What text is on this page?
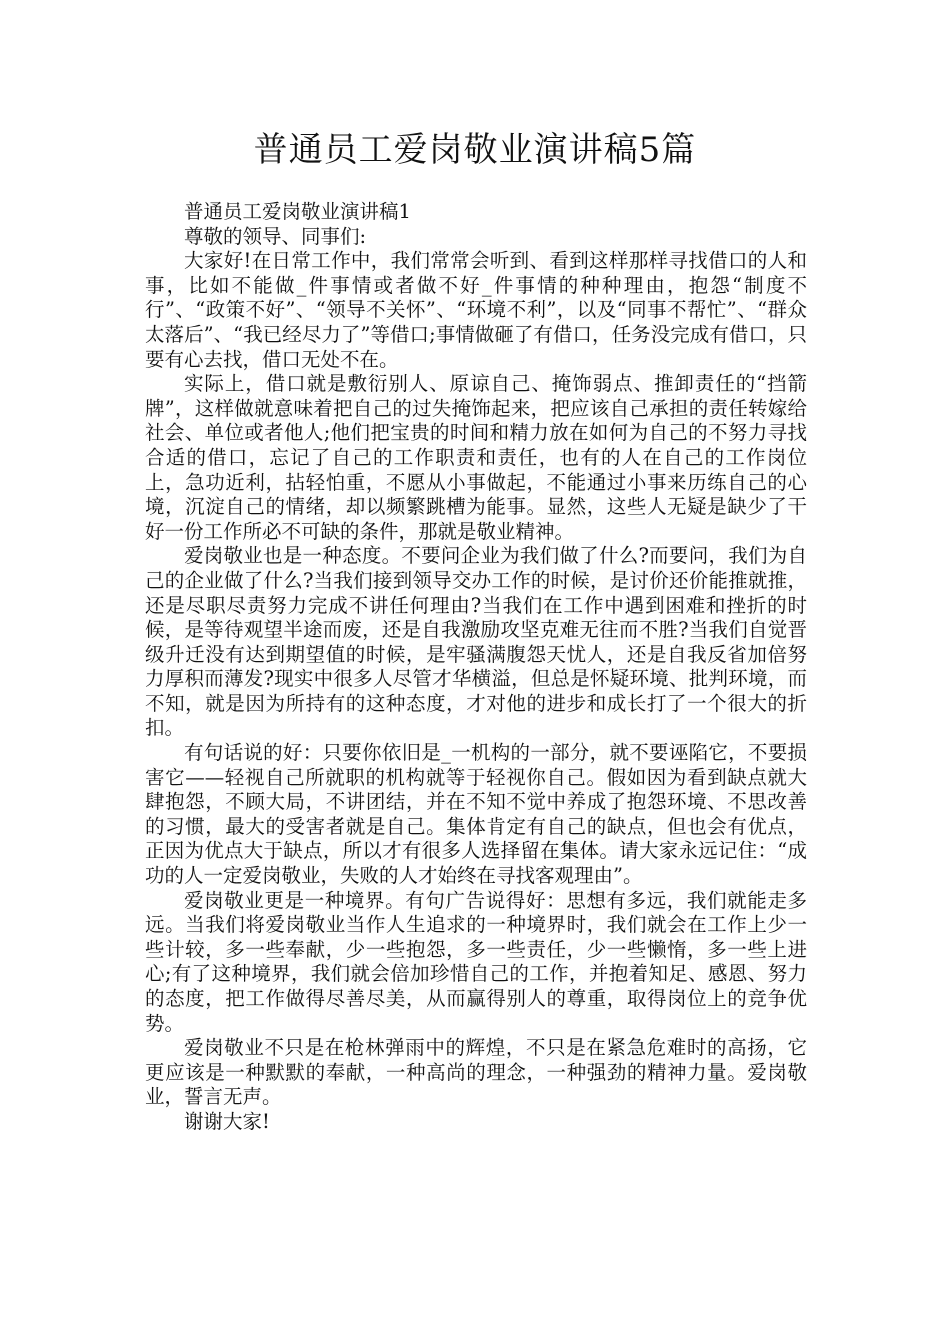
普通员工爱岗敬业演讲稿5篇

普通员工爱岗敬业演讲稿1

尊敬的领导、同事们:

大家好!在日常工作中，我们常常会听到、看到这样那样寻找借口的人和事，比如不能做_件事情或者做不好_件事情的种种理由，抱怨“制度不行”、“政策不好”、“领导不关怀”、“环境不利”，以及“同事不帮忙”、“群众太落后”、“我已经尽力了”等借口;事情做砸了有借口，任务没完成有借口，只要有心去找，借口无处不在。

实际上，借口就是敷衍别人、原谅自己、掩饰弱点、推卸责任的“挡箭牌”，这样做就意味着把自己的过失掩饰起来，把应该自己承担的责任转嫁给社会、单位或者他人;他们把宝贵的时间和精力放在如何为自己的不努力寻找合适的借口，忘记了自己的工作职责和责任，也有的人在自己的工作岗位上，急功近利，拈轻怕重，不愿从小事做起，不能通过小事来历练自己的心境，沉淀自己的情绪，却以频繁跳槽为能事。显然，这些人无疑是缺少了干好一份工作所必不可缺的条件，那就是敬业精神。

爱岗敬业也是一种态度。不要问企业为我们做了什么?而要问，我们为自己的企业做了什么?当我们接到领导交办工作的时候，是讨价还价能推就推，还是尽职尽责努力完成不讲任何理由?当我们在工作中遇到困难和挫折的时候，是等待观望半途而废，还是自我激励攻坚克难无往而不胜?当我们自觉晋级升迁没有达到期望值的时候，是牢骚满腹怨天忧人，还是自我反省加倍努力厚积而薄发?现实中很多人尽管才华横溢，但总是怀疑环境、批判环境，而不知，就是因为所持有的这种态度，才对他的进步和成长打了一个很大的折扣。

有句话说的好：只要你依旧是_一机构的一部分，就不要诬陷它，不要损害它——轻视自己所就职的机构就等于轻视你自己。假如因为看到缺点就大肆抱怨，不顾大局，不讲团结，并在不知不觉中养成了抱怨环境、不思改善的习惯，最大的受害者就是自己。集体肯定有自己的缺点，但也会有优点，正因为优点大于缺点，所以才有很多人选择留在集体。请大家永远记住：“成功的人一定爱岗敬业，失败的人才始终在寻找客观理由”。

爱岗敬业更是一种境界。有句广告说得好：思想有多远，我们就能走多远。当我们将爱岗敬业当作人生追求的一种境界时，我们就会在工作上少一些计较，多一些奉献，少一些抱怨，多一些责任，少一些懒惰，多一些上进心;有了这种境界，我们就会倍加珍惜自己的工作，并抱着知足、感恩、努力的态度，把工作做得尽善尽美，从而赢得别人的尊重，取得岗位上的竞争优势。

爱岗敬业不只是在枪林弹雨中的辉煌，不只是在紧急危难时的高扬，它更应该是一种默默的奉献，一种高尚的理念，一种强劲的精神力量。爱岗敬业，誓言无声。

谢谢大家!
